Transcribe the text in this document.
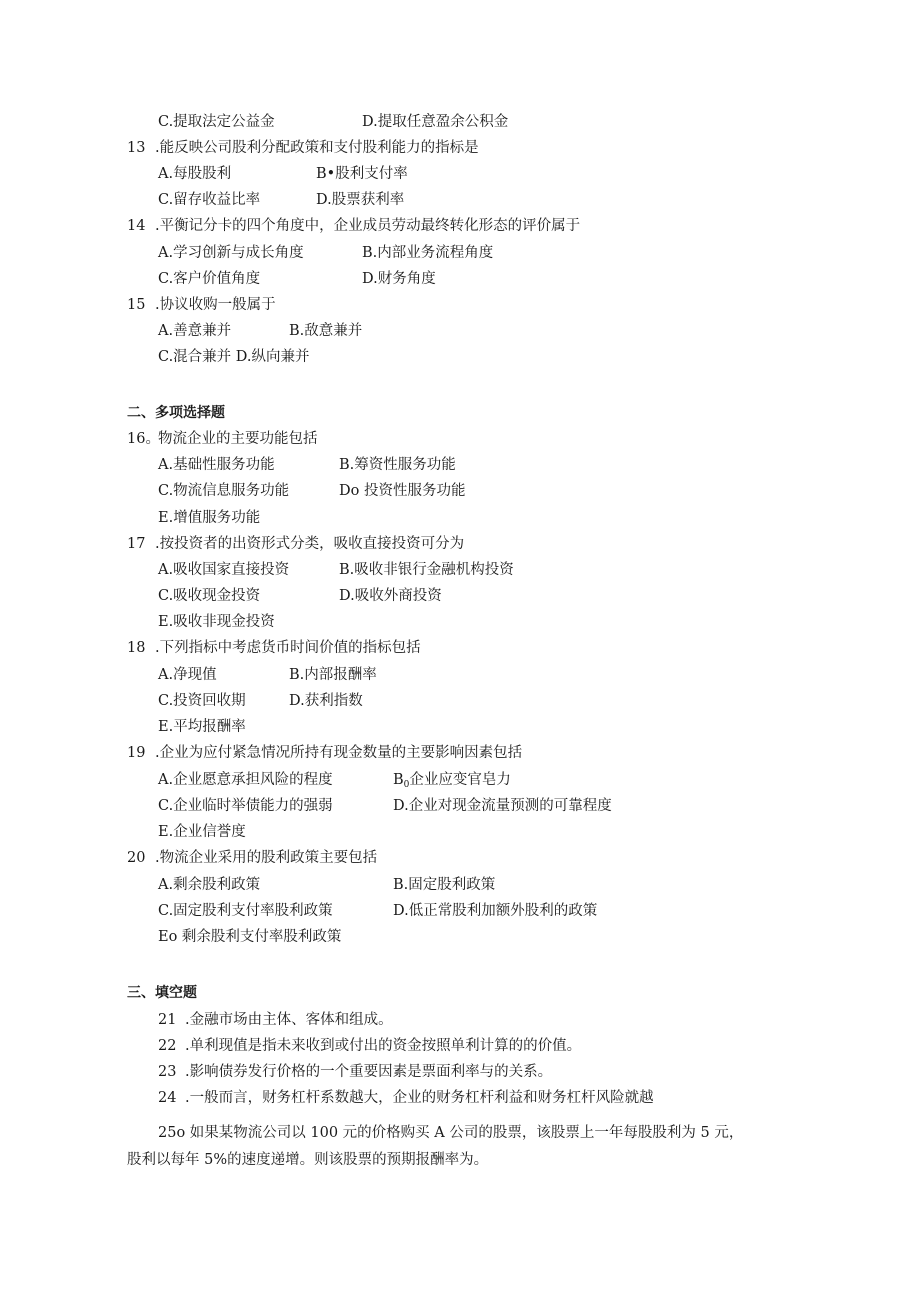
C.提取法定公益金	D.提取任意盈余公积金
13 .能反映公司股利分配政策和支付股利能力的指标是
A.每股股利	B•股利支付率
C.留存收益比率	D.股票获利率
14 .平衡记分卡的四个角度中，企业成员劳动最终转化形态的评价属于
A.学习创新与成长角度	B.内部业务流程角度
C.客户价值角度	D.财务角度
15 .协议收购一般属于
A.善意兼并	B.敌意兼并
C.混合兼并 D.纵向兼并
二、多项选择题
16。
物流企业的主要功能包括
A.基础性服务功能	B.筹资性服务功能
C.物流信息服务功能	Do 投资性服务功能
E.增值服务功能
17 .按投资者的出资形式分类，吸收直接投资可分为
A.吸收国家直接投资	B.吸收非银行金融机构投资
C.吸收现金投资	D.吸收外商投资
E.吸收非现金投资
18 .下列指标中考虑货币时间价值的指标包括
A.净现值	B.内部报酬率
C.投资回收期	D.获利指数
E.平均报酬率
19 .企业为应付紧急情况所持有现金数量的主要影响因素包括
A.企业愿意承担风险的程度	$B_0$企业应变官皂力
C.企业临时举债能力的强弱	D.企业对现金流量预测的可靠程度
E.企业信誉度
20 .物流企业采用的股利政策主要包括
A.剩余股利政策	B.固定股利政策
C.固定股利支付率股利政策	D.低正常股利加额外股利的政策
Eo 剩余股利支付率股利政策
三、填空题
21 .金融市场由主体、客体和组成。
22 .单利现值是指未来收到或付出的资金按照单利计算的的价值。
23 .影响债券发行价格的一个重要因素是票面利率与的关系。
24 .一般而言，财务杠杆系数越大，企业的财务杠杆利益和财务杠杆风险就越
25o 如果某物流公司以 100 元的价格购买 A 公司的股票，该股票上一年每股股利为 5 元，
股利以每年 5%的速度递增。则该股票的预期报酬率为。
